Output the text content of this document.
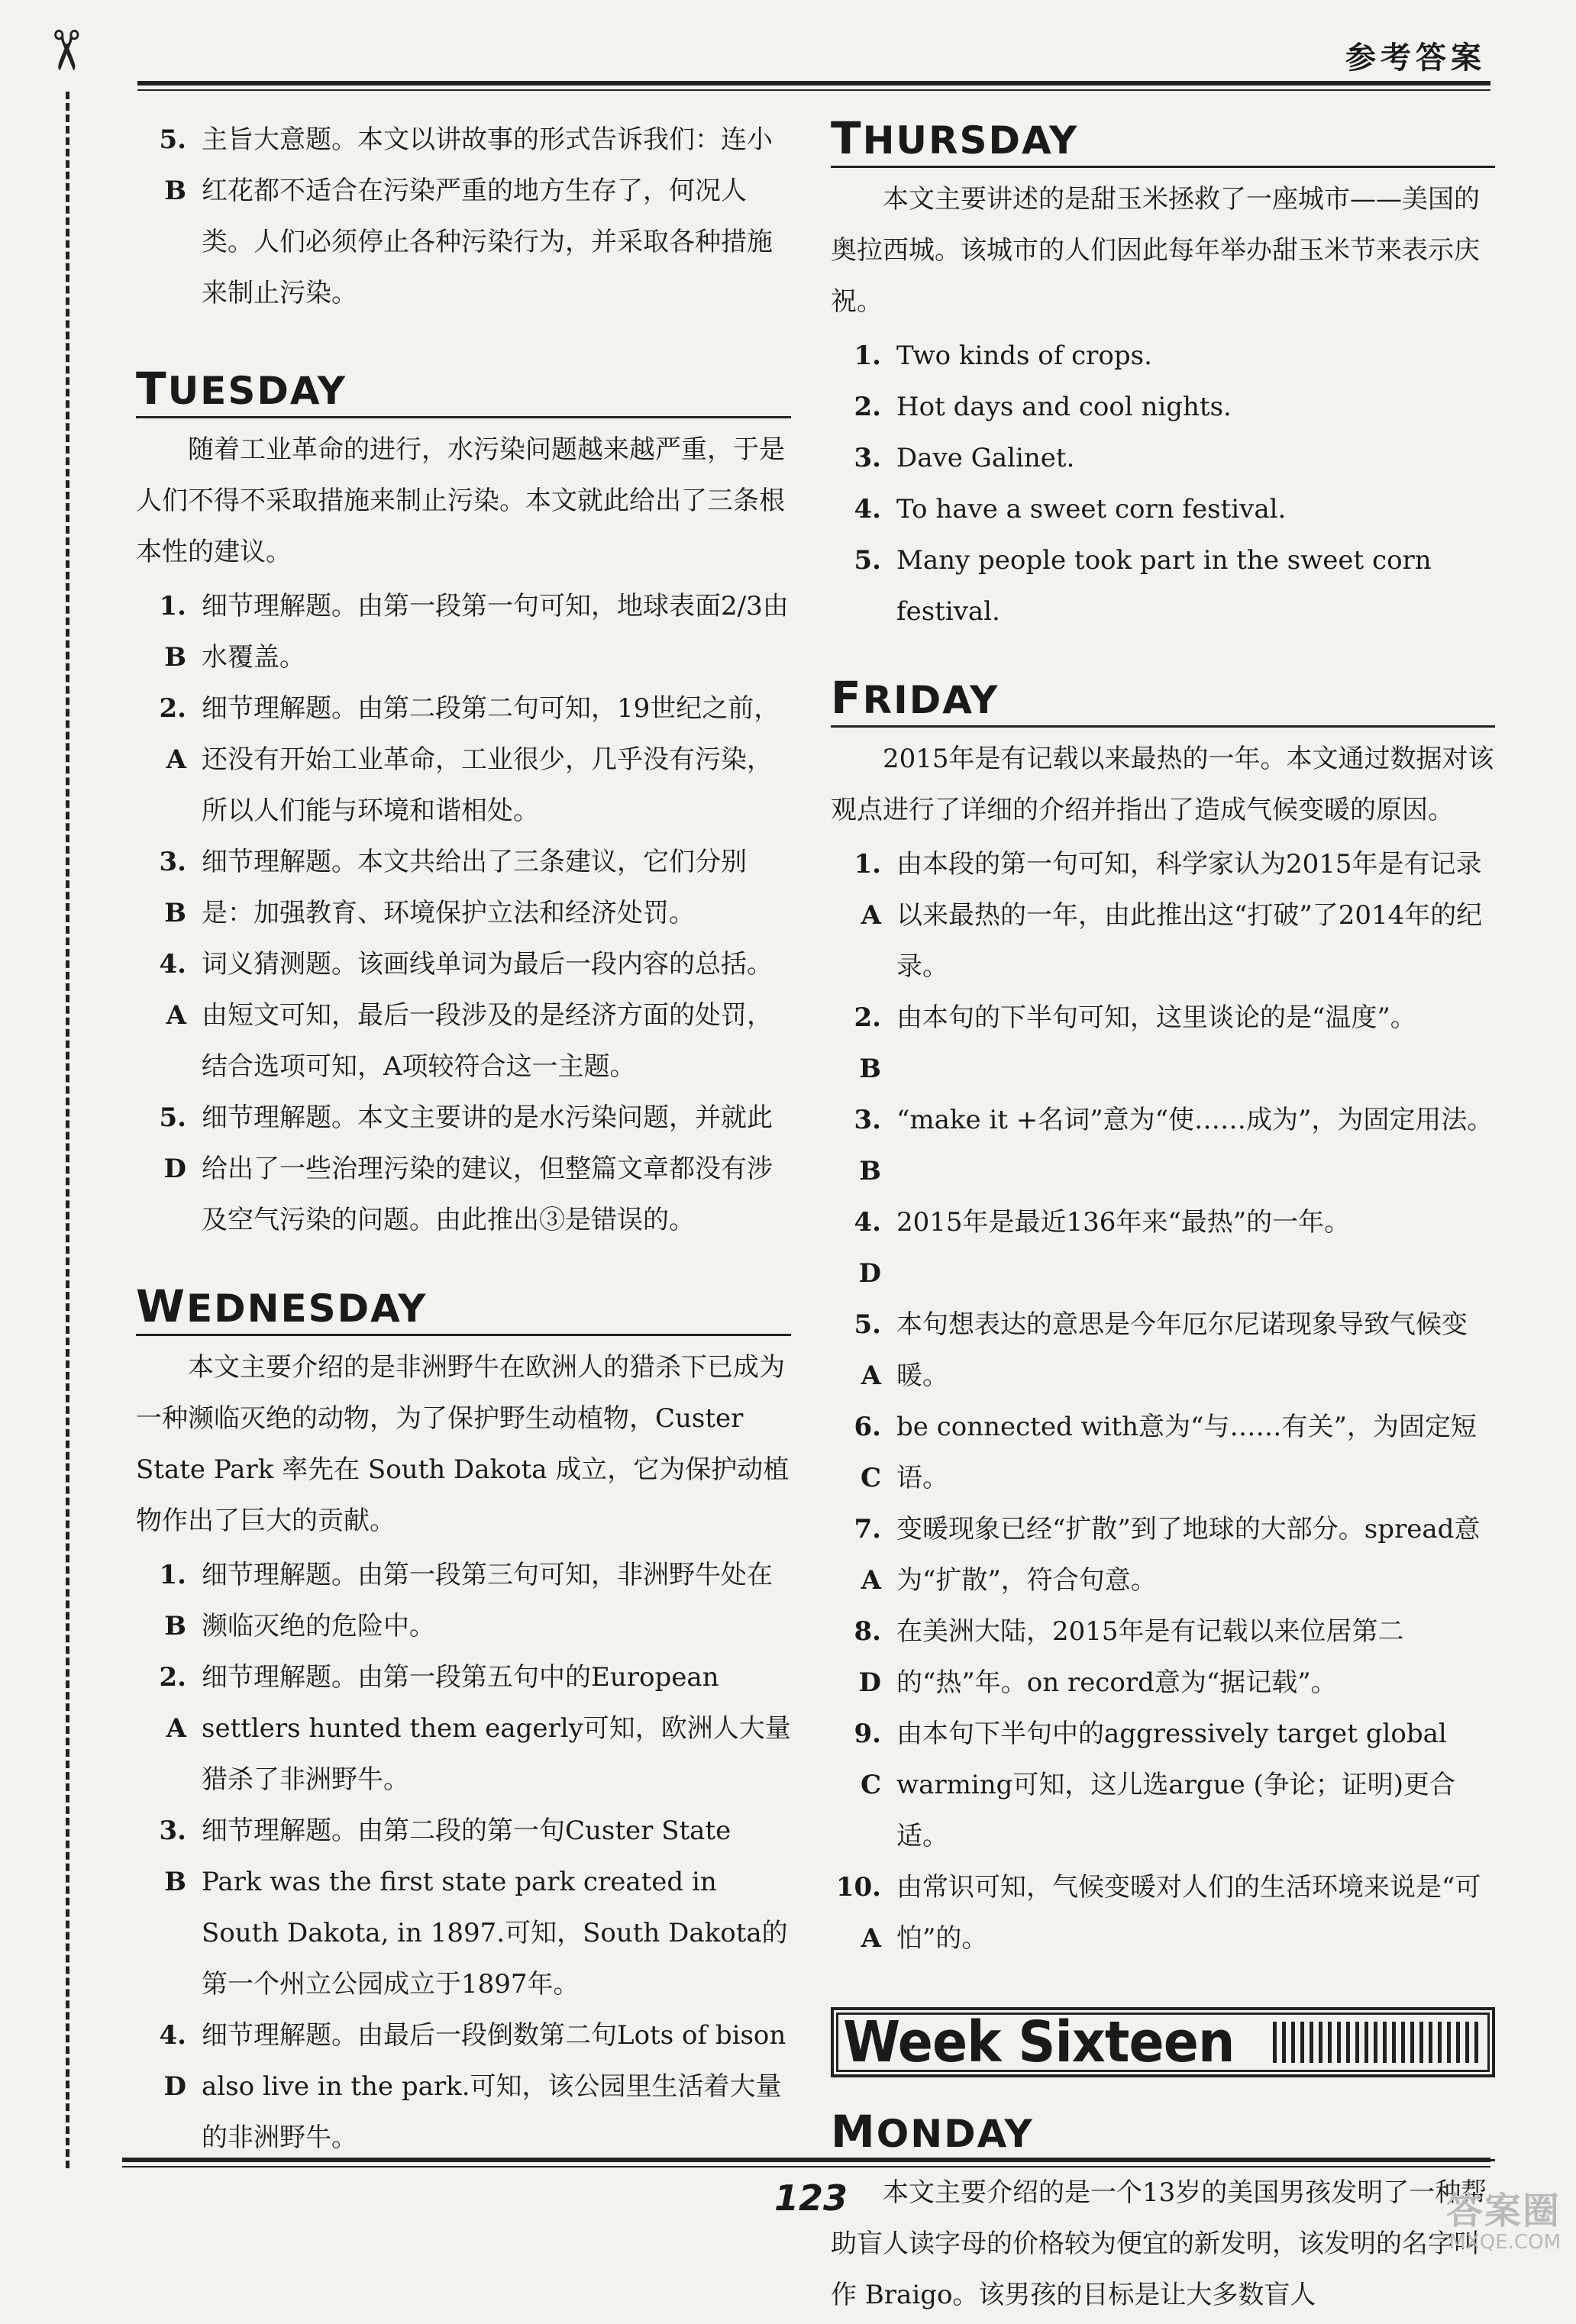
✂	参考答案
5. B
主旨大意题。本文以讲故事的形式告诉我们：连小红花都不适合在污染严重的地方生存了，何况人类。人们必须停止各种污染行为，并采取各种措施来制止污染。
TUESDAY

随着工业革命的进行，水污染问题越来越严重，于是人们不得不采取措施来制止污染。本文就此给出了三条根本性的建议。

1. B
细节理解题。由第一段第一句可知，地球表面2/3由水覆盖。
2. A
细节理解题。由第二段第二句可知，19世纪之前，还没有开始工业革命，工业很少，几乎没有污染，所以人们能与环境和谐相处。
3. B
细节理解题。本文共给出了三条建议，它们分别是：加强教育、环境保护立法和经济处罚。
4. A
词义猜测题。该画线单词为最后一段内容的总括。由短文可知，最后一段涉及的是经济方面的处罚，结合选项可知，A项较符合这一主题。
5. D
细节理解题。本文主要讲的是水污染问题，并就此给出了一些治理污染的建议，但整篇文章都没有涉及空气污染的问题。由此推出③是错误的。
WEDNESDAY

本文主要介绍的是非洲野牛在欧洲人的猎杀下已成为一种濒临灭绝的动物，为了保护野生动植物，Custer State Park 率先在 South Dakota 成立，它为保护动植物作出了巨大的贡献。

1. B
细节理解题。由第一段第三句可知，非洲野牛处在濒临灭绝的危险中。
2. A
细节理解题。由第一段第五句中的European settlers hunted them eagerly可知，欧洲人大量猎杀了非洲野牛。
3. B
细节理解题。由第二段的第一句Custer State Park was the first state park created in South Dakota, in 1897.可知，South Dakota的第一个州立公园成立于1897年。
4. D
细节理解题。由最后一段倒数第二句Lots of bison also live in the park.可知，该公园里生活着大量的非洲野牛。
THURSDAY

本文主要讲述的是甜玉米拯救了一座城市——美国的奥拉西城。该城市的人们因此每年举办甜玉米节来表示庆祝。

1. Two kinds of crops.
2. Hot days and cool nights.
3. Dave Galinet.
4. To have a sweet corn festival.
5. Many people took part in the sweet corn festival.
FRIDAY

2015年是有记载以来最热的一年。本文通过数据对该观点进行了详细的介绍并指出了造成气候变暖的原因。

1. A
由本段的第一句可知，科学家认为2015年是有记录以来最热的一年，由此推出这“打破”了2014年的纪录。
2. B
由本句的下半句可知，这里谈论的是“温度”。
3. B
“make it +名词”意为“使……成为”，为固定用法。
4. D
2015年是最近136年来“最热”的一年。
5. A
本句想表达的意思是今年厄尔尼诺现象导致气候变暖。
6. C
be connected with意为“与……有关”，为固定短语。
7. A
变暖现象已经“扩散”到了地球的大部分。spread意为“扩散”，符合句意。
8. D
在美洲大陆，2015年是有记载以来位居第二的“热”年。on record意为“据记载”。
9. C
由本句下半句中的aggressively target global warming可知，这儿选argue (争论；证明)更合适。
10. A
由常识可知，气候变暖对人们的生活环境来说是“可怕”的。
Week Sixteen
MONDAY

本文主要介绍的是一个13岁的美国男孩发明了一种帮助盲人读字母的价格较为便宜的新发明，该发明的名字叫作 Braigo。该男孩的目标是让大多数盲人

123	答案圈
MXQE.COM
